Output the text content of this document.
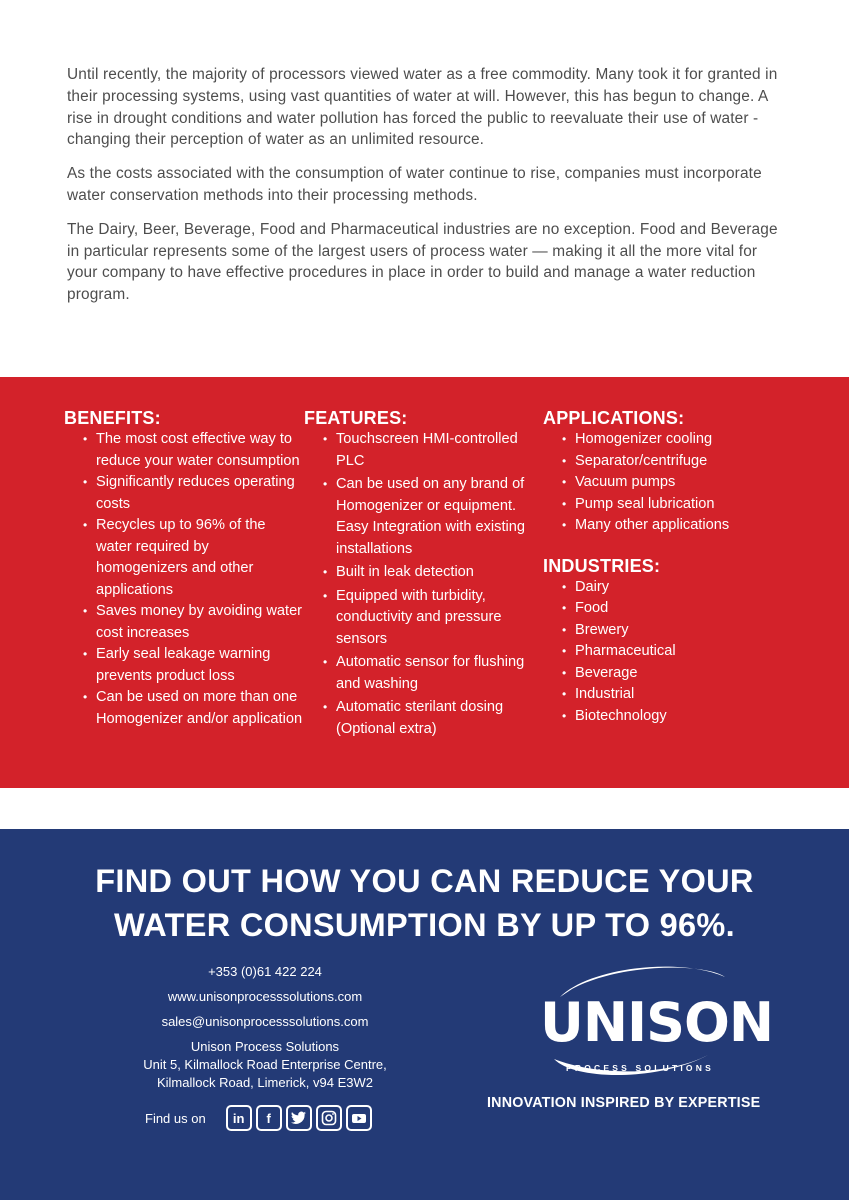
Until recently, the majority of processors viewed water as a free commodity. Many took it for granted in their processing systems, using vast quantities of water at will. However, this has begun to change. A rise in drought conditions and water pollution has forced the public to reevaluate their use of water - changing their perception of water as an unlimited resource.

As the costs associated with the consumption of water continue to rise, companies must incorporate water conservation methods into their processing methods.

The Dairy, Beer, Beverage, Food and Pharmaceutical industries are no exception. Food and Beverage in particular represents some of the largest users of process water — making it all the more vital for your company to have effective procedures in place in order to build and manage a water reduction program.

BENEFITS:
• The most cost effective way to reduce your water consumption
• Significantly reduces operating costs
• Recycles up to 96% of the water required by homogenizers and other applications
• Saves money by avoiding water cost increases
• Early seal leakage warning prevents product loss
• Can be used on more than one Homogenizer and/or application
FEATURES:
• Touchscreen HMI-controlled PLC
• Can be used on any brand of Homogenizer or equipment. Easy Integration with existing installations
• Built in leak detection
• Equipped with turbidity, conductivity and pressure sensors
• Automatic sensor for flushing and washing
• Automatic sterilant dosing (Optional extra)
APPLICATIONS:
• Homogenizer cooling
• Separator/centrifuge
• Vacuum pumps
• Pump seal lubrication
• Many other applications
INDUSTRIES:
• Dairy
• Food
• Brewery
• Pharmaceutical
• Beverage
• Industrial
• Biotechnology
FIND OUT HOW YOU CAN REDUCE YOUR
WATER CONSUMPTION BY UP TO 96%.
+353 (0)61 422 224
www.unisonprocesssolutions.com
sales@unisonprocesssolutions.com
Unison Process Solutions
Unit 5, Kilmallock Road Enterprise Centre,
Kilmallock Road, Limerick, v94 E3W2
Find us on	in	f
UNISON
PROCESS SOLUTIONS
INNOVATION INSPIRED BY EXPERTISE
